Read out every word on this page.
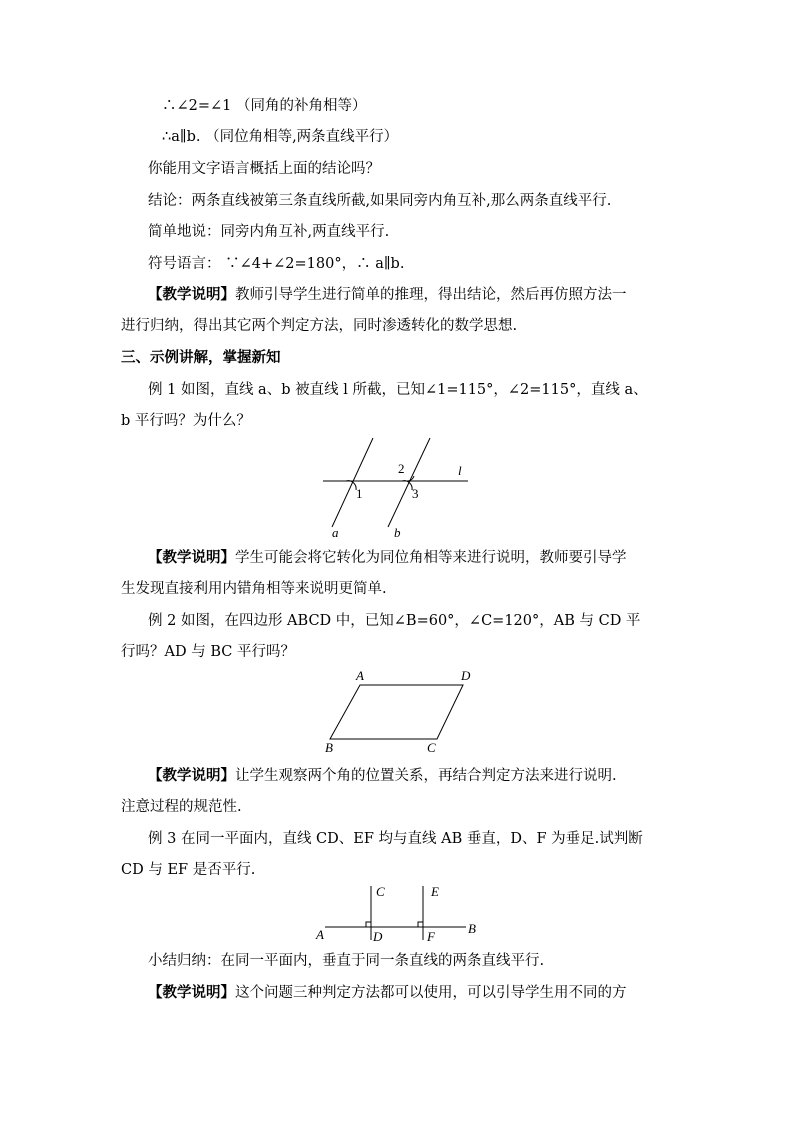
∴∠2=∠1 （同角的补角相等）
∴a∥b. （同位角相等,两条直线平行）
你能用文字语言概括上面的结论吗？
结论：两条直线被第三条直线所截,如果同旁内角互补,那么两条直线平行.
简单地说：同旁内角互补,两直线平行.
符号语言： ∵∠4+∠2=180°，∴ a∥b.
【教学说明】教师引导学生进行简单的推理，得出结论，然后再仿照方法一
进行归纳，得出其它两个判定方法，同时渗透转化的数学思想.
三、示例讲解，掌握新知
例 1 如图，直线 a、b 被直线 l 所截，已知∠1=115°，∠2=115°，直线 a、
b 平行吗？为什么？
1
2
3
l
a	b
【教学说明】学生可能会将它转化为同位角相等来进行说明，教师要引导学
生发现直接利用内错角相等来说明更简单.
例 2 如图，在四边形 ABCD 中，已知∠B=60°，∠C=120°，AB 与 CD 平
行吗？AD 与 BC 平行吗？
A	D
B	C
【教学说明】让学生观察两个角的位置关系，再结合判定方法来进行说明.
注意过程的规范性.
例 3 在同一平面内，直线 CD、EF 均与直线 AB 垂直，D、F 为垂足.试判断
CD 与 EF 是否平行.
C	E
A	B
D	F
小结归纳：在同一平面内，垂直于同一条直线的两条直线平行.
【教学说明】这个问题三种判定方法都可以使用，可以引导学生用不同的方
